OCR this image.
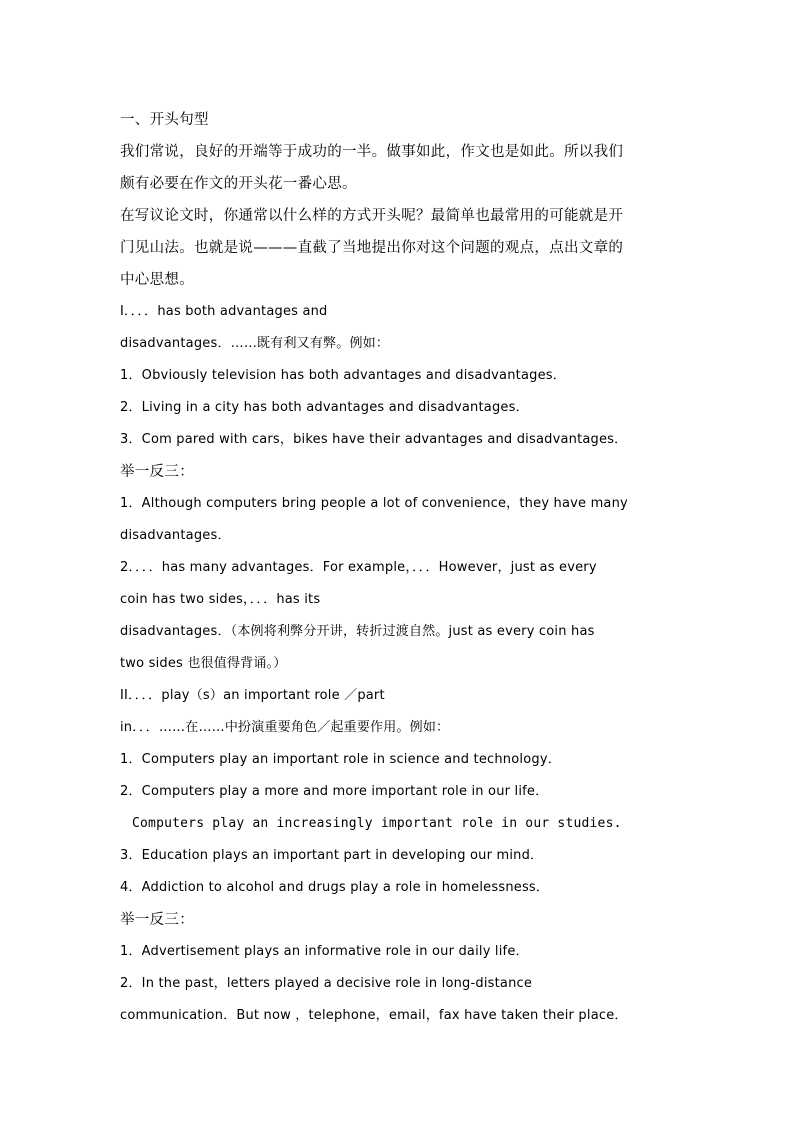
一、开头句型
我们常说，良好的开端等于成功的一半。做事如此，作文也是如此。所以我们
颇有必要在作文的开头花一番心思。
在写议论文时，你通常以什么样的方式开头呢？最简单也最常用的可能就是开
门见山法。也就是说———直截了当地提出你对这个问题的观点，点出文章的
中心思想。
I．．．．has both advantages and
disadvantages．……既有利又有弊。例如：
1．Obviously television has both advantages and disadvantages．
2．Living in a city has both advantages and disadvantages．
3．Com pared with cars，bikes have their advantages and disadvantages．
举一反三：
1．Although computers bring people a lot of convenience，they have many
disadvantages．
2．．．．has many advantages．For example，．．．However，just as every
coin has two sides，．．．has its
disadvantages．（本例将利弊分开讲，转折过渡自然。just as every coin has
two sides 也很值得背诵。）
II．．．．play（s）an important role ／part
in．．．……在……中扮演重要角色／起重要作用。例如：
1．Computers play an important role in science and technology．
2．Computers play a more and more important role in our life．
Computers play an increasingly important role in our studies.
3．Education plays an important part in developing our mind．
4．Addiction to alcohol and drugs play a role in homelessness．
举一反三：
1．Advertisement plays an informative role in our daily life．
2．In the past，letters played a decisive role in long-distance
communication．But now ，telephone，email，fax have taken their place．
